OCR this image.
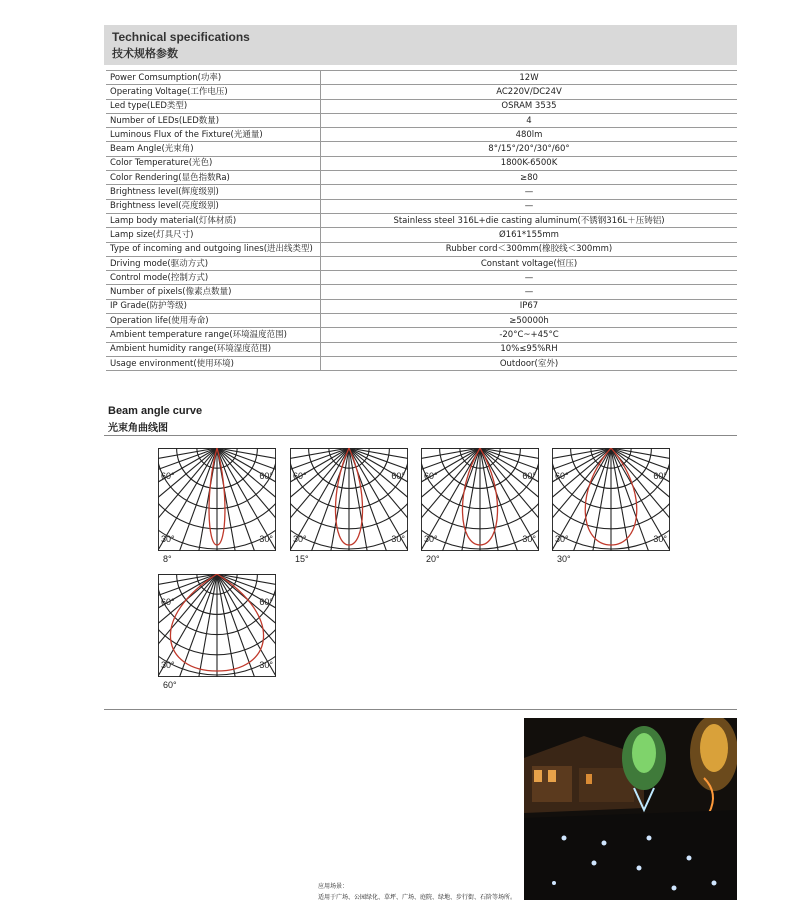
Technical specifications
技术规格参数
Power Comsumption(功率)	12W
Operating Voltage(工作电压)	AC220V/DC24V
Led type(LED类型)	OSRAM 3535
Number of LEDs(LED数量)	4
Luminous Flux of the Fixture(光通量)	480lm
Beam Angle(光束角)	8°/15°/20°/30°/60°
Color Temperature(光色)	1800K-6500K
Color Rendering(显色指数Ra)	≥80
Brightness level(辉度级别)	—
Brightness level(亮度级别)	—
Lamp body material(灯体材质)	Stainless steel 316L+die casting aluminum(不锈钢316L＋压铸铝)
Lamp size(灯具尺寸)	Ø161*155mm
Type of incoming and outgoing lines(进出线类型)	Rubber cord＜300mm(橡胶线＜300mm)
Driving mode(驱动方式)	Constant voltage(恒压)
Control mode(控制方式)	—
Number of pixels(像素点数量)	—
IP Grade(防护等级)	IP67
Operation life(使用寿命)	≥50000h
Ambient temperature range(环境温度范围)	-20°C~+45°C
Ambient humidity range(环境湿度范围)	10%≤95%RH
Usage environment(使用环境)	Outdoor(室外)
Beam angle curve
光束角曲线图
60°	60°
30°	30°
8°
60°	60°
30°	30°
15°
60°	60°
30°	30°
20°
60°	60°
30°	30°
30°
60°	60°
30°	30°
60°
应用场景：
适用于广场、公园绿化、草坪、广场、庭院、绿地、步行街、石阶等场所。
